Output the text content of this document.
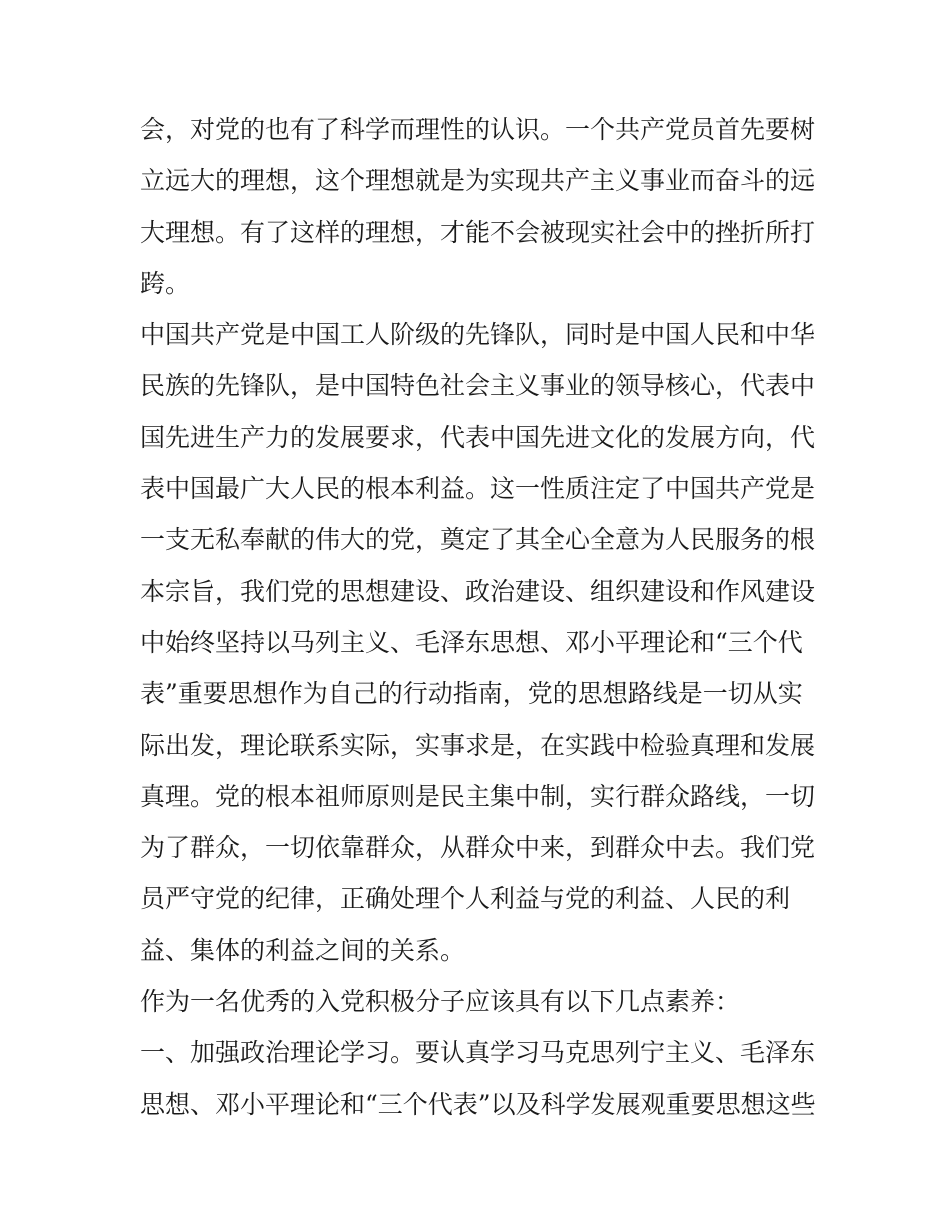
会，对党的也有了科学而理性的认识。一个共产党员首先要树
立远大的理想，这个理想就是为实现共产主义事业而奋斗的远
大理想。有了这样的理想，才能不会被现实社会中的挫折所打
跨。
中国共产党是中国工人阶级的先锋队，同时是中国人民和中华
民族的先锋队，是中国特色社会主义事业的领导核心，代表中
国先进生产力的发展要求，代表中国先进文化的发展方向，代
表中国最广大人民的根本利益。这一性质注定了中国共产党是
一支无私奉献的伟大的党，奠定了其全心全意为人民服务的根
本宗旨，我们党的思想建设、政治建设、组织建设和作风建设
中始终坚持以马列主义、毛泽东思想、邓小平理论和“三个代
表”重要思想作为自己的行动指南，党的思想路线是一切从实
际出发，理论联系实际，实事求是，在实践中检验真理和发展
真理。党的根本祖师原则是民主集中制，实行群众路线，一切
为了群众，一切依靠群众，从群众中来，到群众中去。我们党
员严守党的纪律，正确处理个人利益与党的利益、人民的利
益、集体的利益之间的关系。
作为一名优秀的入党积极分子应该具有以下几点素养：
一、加强政治理论学习。要认真学习马克思列宁主义、毛泽东
思想、邓小平理论和“三个代表”以及科学发展观重要思想这些
